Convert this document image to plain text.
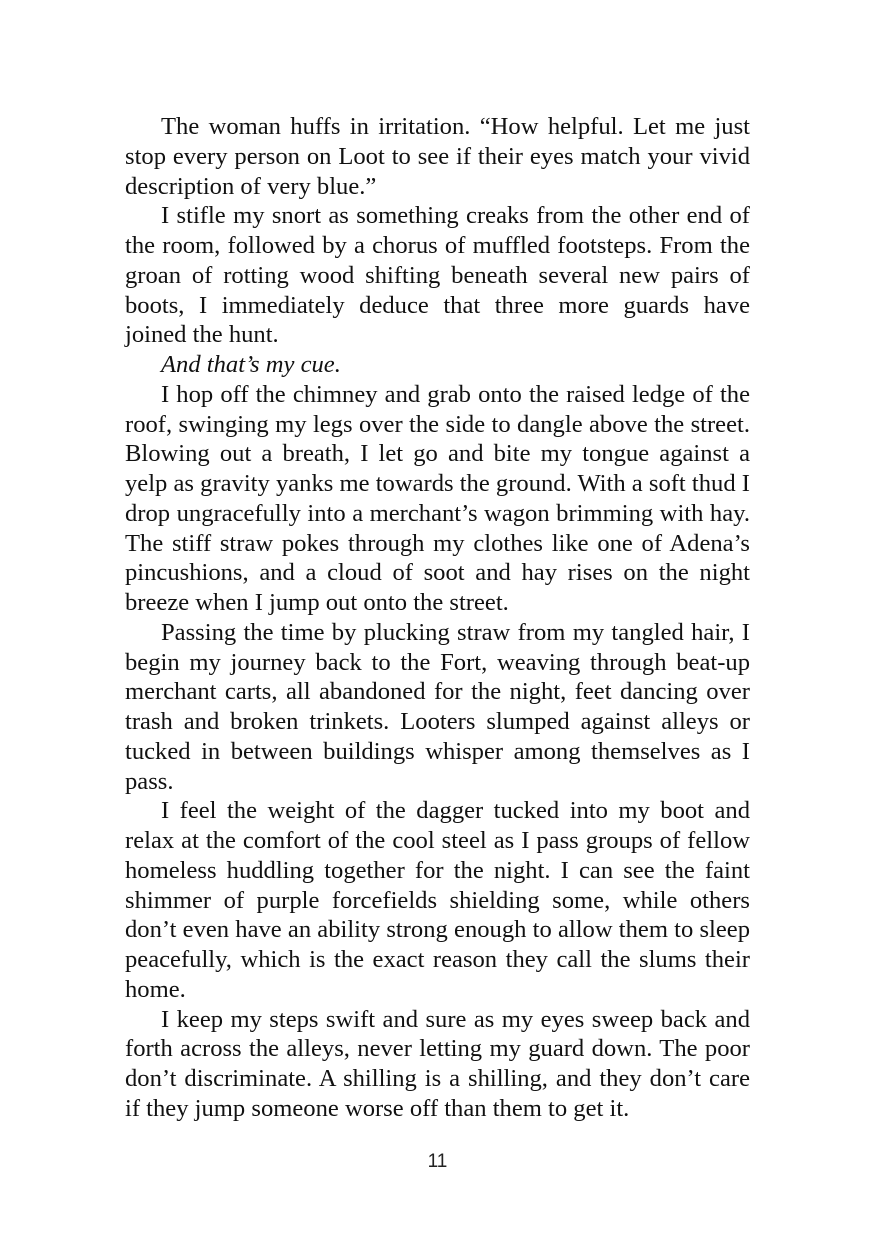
The woman huffs in irritation. “How helpful. Let me just stop every person on Loot to see if their eyes match your vivid description of very blue.”

I stifle my snort as something creaks from the other end of the room, followed by a chorus of muffled footsteps. From the groan of rotting wood shifting beneath several new pairs of boots, I immediately deduce that three more guards have joined the hunt.

And that’s my cue.

I hop off the chimney and grab onto the raised ledge of the roof, swinging my legs over the side to dangle above the street. Blowing out a breath, I let go and bite my tongue against a yelp as gravity yanks me towards the ground. With a soft thud I drop ungracefully into a merchant’s wagon brimming with hay. The stiff straw pokes through my clothes like one of Adena’s pincushions, and a cloud of soot and hay rises on the night breeze when I jump out onto the street.

Passing the time by plucking straw from my tangled hair, I begin my journey back to the Fort, weaving through beat-up merchant carts, all abandoned for the night, feet dancing over trash and broken trinkets. Looters slumped against alleys or tucked in between buildings whisper among themselves as I pass.

I feel the weight of the dagger tucked into my boot and relax at the comfort of the cool steel as I pass groups of fellow homeless huddling together for the night. I can see the faint shimmer of purple forcefields shielding some, while others don’t even have an ability strong enough to allow them to sleep peacefully, which is the exact reason they call the slums their home.

I keep my steps swift and sure as my eyes sweep back and forth across the alleys, never letting my guard down. The poor don’t discriminate. A shilling is a shilling, and they don’t care if they jump someone worse off than them to get it.

11
